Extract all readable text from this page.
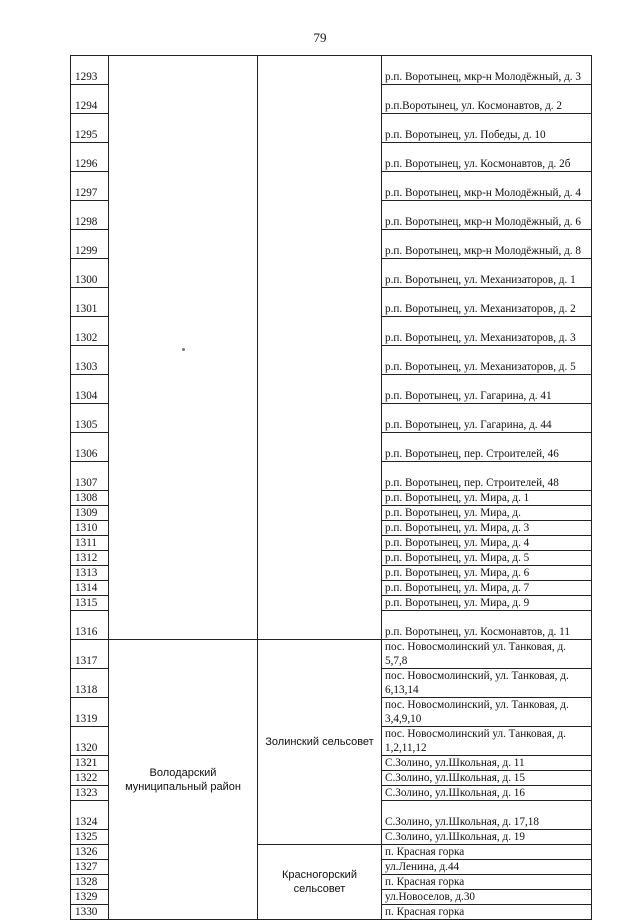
79
1293			р.п. Воротынец, мкр-н Молодёжный, д. 3
1294			р.п.Воротынец, ул. Космонавтов, д. 2
1295			р.п. Воротынец, ул. Победы, д. 10
1296			р.п. Воротынец, ул. Космонавтов, д. 2б
1297			р.п. Воротынец, мкр-н Молодёжный, д. 4
1298			р.п. Воротынец, мкр-н Молодёжный, д. 6
1299			р.п. Воротынец, мкр-н Молодёжный, д. 8
1300			р.п. Воротынец, ул. Механизаторов, д. 1
1301			р.п. Воротынец, ул. Механизаторов, д. 2
1302			р.п. Воротынец, ул. Механизаторов, д. 3
1303			р.п. Воротынец, ул. Механизаторов, д. 5
1304			р.п. Воротынец, ул. Гагарина, д. 41
1305			р.п. Воротынец, ул. Гагарина, д. 44
1306			р.п. Воротынец, пер. Строителей, 46
1307			р.п. Воротынец, пер. Строителей, 48
1308			р.п. Воротынец, ул. Мира, д. 1
1309			р.п. Воротынец, ул. Мира, д.
1310			р.п. Воротынец, ул. Мира, д. 3
1311			р.п. Воротынец, ул. Мира, д. 4
1312			р.п. Воротынец, ул. Мира, д. 5
1313			р.п. Воротынец, ул. Мира, д. 6
1314			р.п. Воротынец, ул. Мира, д. 7
1315			р.п. Воротынец, ул. Мира, д. 9
1316			р.п. Воротынец, ул. Космонавтов, д. 11
1317	Володарский муниципальный район	Золинский сельсовет	пос. Новосмолинский ул. Танковая, д. 5,7,8
1318			пос. Новосмолинский, ул. Танковая, д. 6,13,14
1319			пос. Новосмолинский, ул. Танковая, д. 3,4,9,10
1320			пос. Новосмолинский ул. Танковая, д. 1,2,11,12
1321			С.Золино, ул.Школьная, д. 11
1322			С.Золино, ул.Школьная, д. 15
1323			С.Золино, ул.Школьная, д. 16
1324			С.Золино, ул.Школьная, д. 17,18
1325			С.Золино, ул.Школьная, д. 19
1326		Красногорский сельсовет	п. Красная горка
1327			ул.Ленина, д.44
1328			п. Красная горка
1329			ул.Новоселов, д.30
1330			п. Красная горка
